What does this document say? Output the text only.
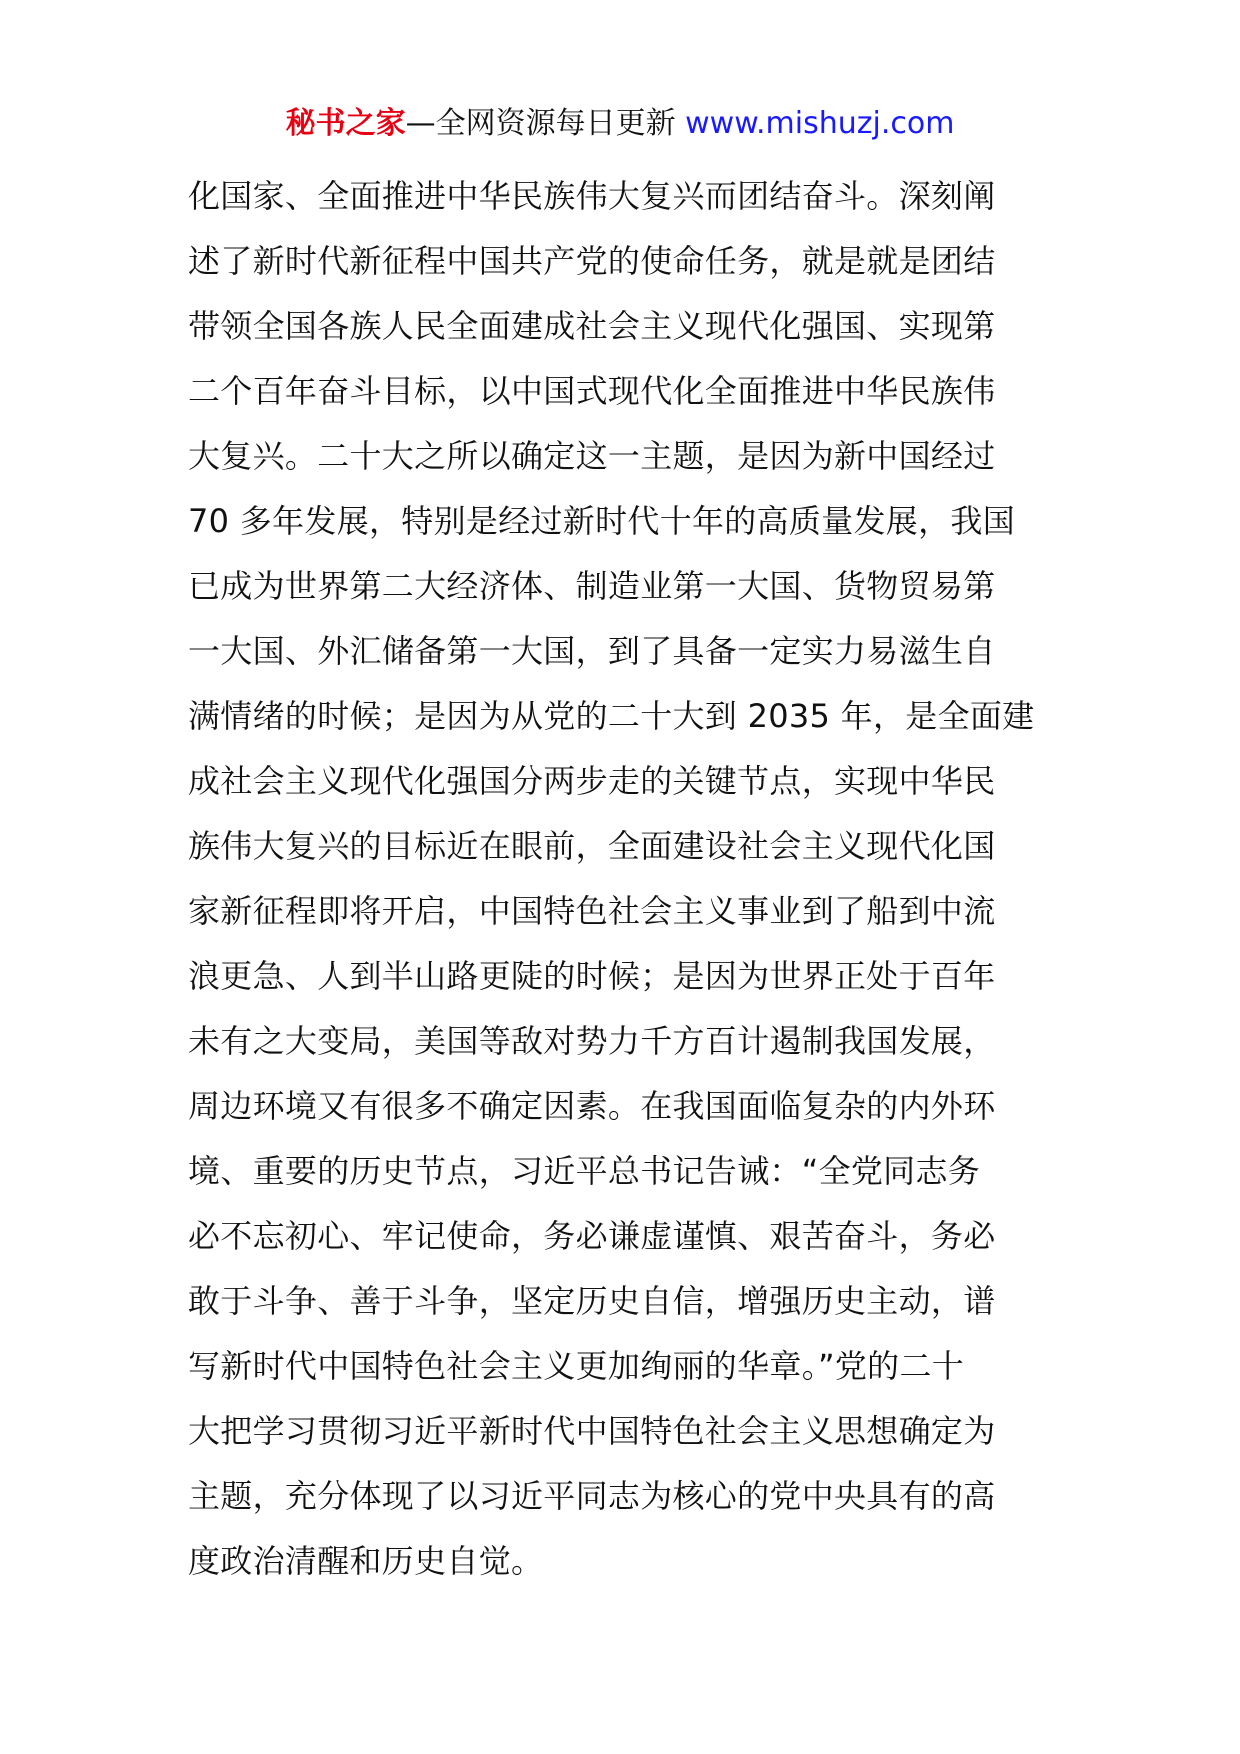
秘书之家—全网资源每日更新 www.mishuzj.com
化国家、全面推进中华民族伟大复兴而团结奋斗。深刻阐
述了新时代新征程中国共产党的使命任务，就是就是团结
带领全国各族人民全面建成社会主义现代化强国、实现第
二个百年奋斗目标，以中国式现代化全面推进中华民族伟
大复兴。二十大之所以确定这一主题，是因为新中国经过
70 多年发展，特别是经过新时代十年的高质量发展，我国
已成为世界第二大经济体、制造业第一大国、货物贸易第
一大国、外汇储备第一大国，到了具备一定实力易滋生自
满情绪的时候；是因为从党的二十大到 2035 年，是全面建
成社会主义现代化强国分两步走的关键节点，实现中华民
族伟大复兴的目标近在眼前，全面建设社会主义现代化国
家新征程即将开启，中国特色社会主义事业到了船到中流
浪更急、人到半山路更陡的时候；是因为世界正处于百年
未有之大变局，美国等敌对势力千方百计遏制我国发展，
周边环境又有很多不确定因素。在我国面临复杂的内外环
境、重要的历史节点，习近平总书记告诫：“全党同志务
必不忘初心、牢记使命，务必谦虚谨慎、艰苦奋斗，务必
敢于斗争、善于斗争，坚定历史自信，增强历史主动，谱
写新时代中国特色社会主义更加绚丽的华章。”党的二十
大把学习贯彻习近平新时代中国特色社会主义思想确定为
主题，充分体现了以习近平同志为核心的党中央具有的高
度政治清醒和历史自觉。
